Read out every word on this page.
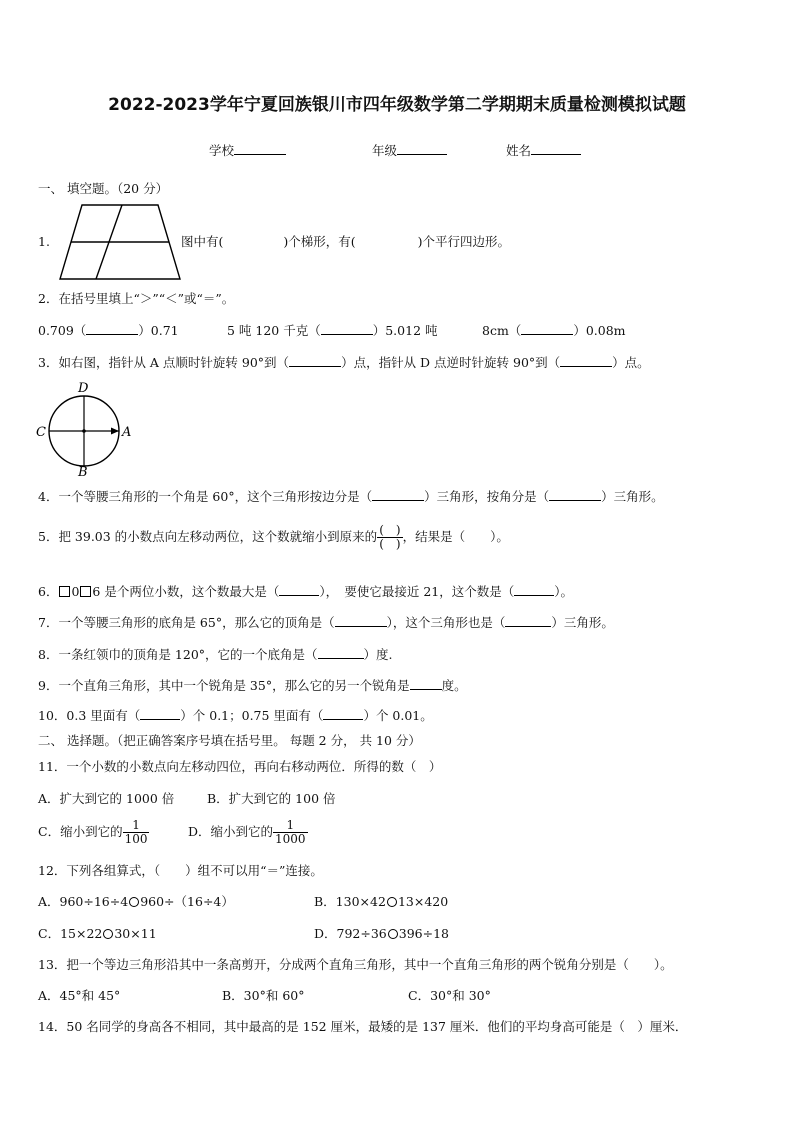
2022-2023学年宁夏回族银川市四年级数学第二学期期末质量检测模拟试题
学校	年级	姓名
一、 填空题。（20 分）
1.	图中有(	)个梯形，有(	)个平行四边形。
2．在括号里填上“＞”“＜”或“＝”。
0.709（	）0.71	5 吨 120 千克（	）5.012 吨	8cm（	）0.08m
3．如右图，指针从 A 点顺时针旋转 90°到（	）点，指针从 D 点逆时针旋转 90°到（	）点。
D
C	A
B
4．一个等腰三角形的一个角是 60°，这个三角形按边分是（	）三角形，按角分是（	）三角形。
5．把 39.03 的小数点向左移动两位，这个数就缩小到原来的 $\frac{( )}{( )}$ ，结果是（　　）。
6． 0 6 是个两位小数，这个数最大是（	），　要使它最接近 21，这个数是（	）。
7．一个等腰三角形的底角是 65°，那么它的顶角是（	），这个三角形也是（	）三角形。
8．一条红领巾的顶角是 120°，它的一个底角是（	）度.
9．一个直角三角形，其中一个锐角是 35°，那么它的另一个锐角是	度。
10．0.3 里面有（	）个 0.1；0.75 里面有（	）个 0.01。
二、 选择题。（把正确答案序号填在括号里。 每题 2 分， 共 10 分）
11．一个小数的小数点向左移动四位，再向右移动两位．所得的数（　）
A．扩大到它的 1000 倍	B．扩大到它的 100 倍
C．缩小到它的 $\frac{1}{100}$	D．缩小到它的 $\frac{1}{1000}$
12．下列各组算式，（　　）组不可以用“＝”连接。
A．960÷16÷4 960÷（16÷4）	B．130×42 13×420
C．15×22 30×11	D．792÷36 396÷18
13．把一个等边三角形沿其中一条高剪开，分成两个直角三角形，其中一个直角三角形的两个锐角分别是（　　）。
A．45°和 45°	B．30°和 60°	C．30°和 30°
14．50 名同学的身高各不相同，其中最高的是 152 厘米，最矮的是 137 厘米．他们的平均身高可能是（　）厘米．
